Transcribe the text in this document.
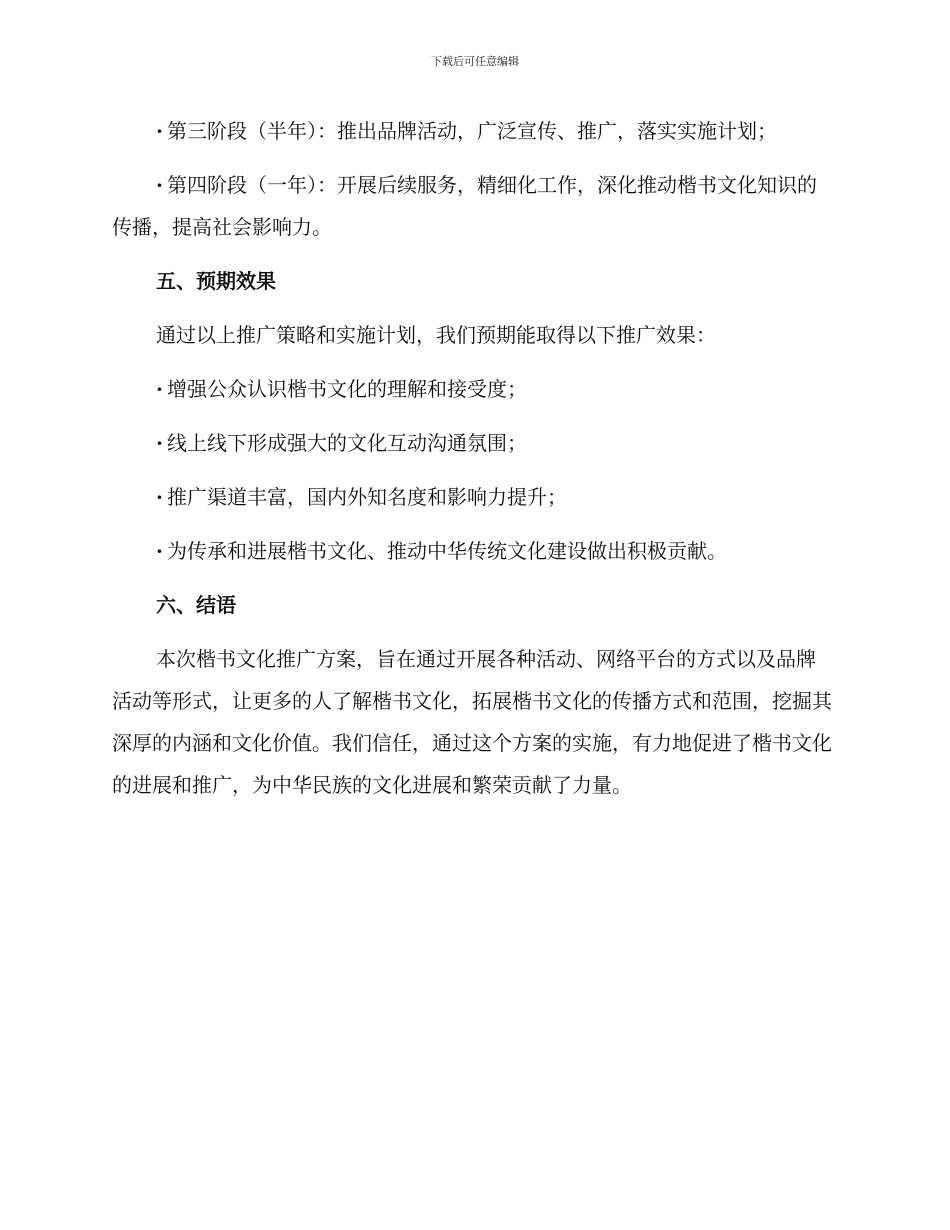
下载后可任意编辑

· 第三阶段（半年）：推出品牌活动，广泛宣传、推广，落实实施计划；

· 第四阶段（一年）：开展后续服务，精细化工作，深化推动楷书文化知识的传播，提高社会影响力。

五、预期效果

通过以上推广策略和实施计划，我们预期能取得以下推广效果：

· 增强公众认识楷书文化的理解和接受度；

· 线上线下形成强大的文化互动沟通氛围；

· 推广渠道丰富，国内外知名度和影响力提升；

· 为传承和进展楷书文化、推动中华传统文化建设做出积极贡献。

六、结语

本次楷书文化推广方案，旨在通过开展各种活动、网络平台的方式以及品牌活动等形式，让更多的人了解楷书文化，拓展楷书文化的传播方式和范围，挖掘其深厚的内涵和文化价值。我们信任，通过这个方案的实施，有力地促进了楷书文化的进展和推广，为中华民族的文化进展和繁荣贡献了力量。
